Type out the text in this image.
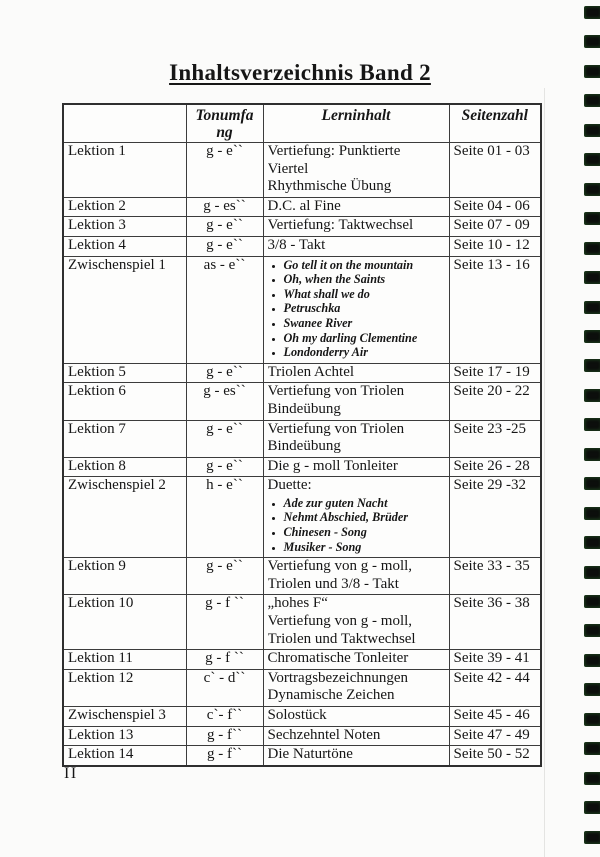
Inhaltsverzeichnis Band 2
	Tonumfang	Lerninhalt	Seitenzahl
Lektion 1	g - e``	Vertiefung: Punktierte
Viertel
Rhythmische Übung	Seite 01 - 03
Lektion 2	g - es``	D.C. al Fine	Seite 04 - 06
Lektion 3	g - e``	Vertiefung: Taktwechsel	Seite 07 - 09
Lektion 4	g - e``	3/8 - Takt	Seite 10 - 12
Zwischenspiel 1	as - e``	
•Go tell it on the mountain
• Oh, when the Saints
• What shall we do
• Petruschka
• Swanee River
• Oh my darling Clementine
• Londonderry Air
	Seite 13 - 16
Lektion 5	g - e``	Triolen Achtel	Seite 17 - 19
Lektion 6	g - es``	Vertiefung von Triolen
Bindeübung	Seite 20 - 22
Lektion 7	g - e``	Vertiefung von Triolen
Bindeübung	Seite 23 -25
Lektion 8	g - e``	Die g - moll Tonleiter	Seite 26 - 28
Zwischenspiel 2	h - e``	Duette:
• Ade zur guten Nacht
• Nehmt Abschied, Brüder
• Chinesen - Song
• Musiker - Song
	Seite 29 -32
Lektion 9	g - e``	Vertiefung von g - moll,
Triolen und 3/8 - Takt	Seite 33 - 35
Lektion 10	g - f ``	„hohes F“
Vertiefung von g - moll,
Triolen und Taktwechsel	Seite 36 - 38
Lektion 11	g - f ``	Chromatische Tonleiter	Seite 39 - 41
Lektion 12	c` - d``	Vortragsbezeichnungen
Dynamische Zeichen	Seite 42 - 44
Zwischenspiel 3	c`- f``	Solostück	Seite 45 - 46
Lektion 13	g - f``	Sechzehntel Noten	Seite 47 - 49
Lektion 14	g - f``	Die Naturtöne	Seite 50 - 52
II
